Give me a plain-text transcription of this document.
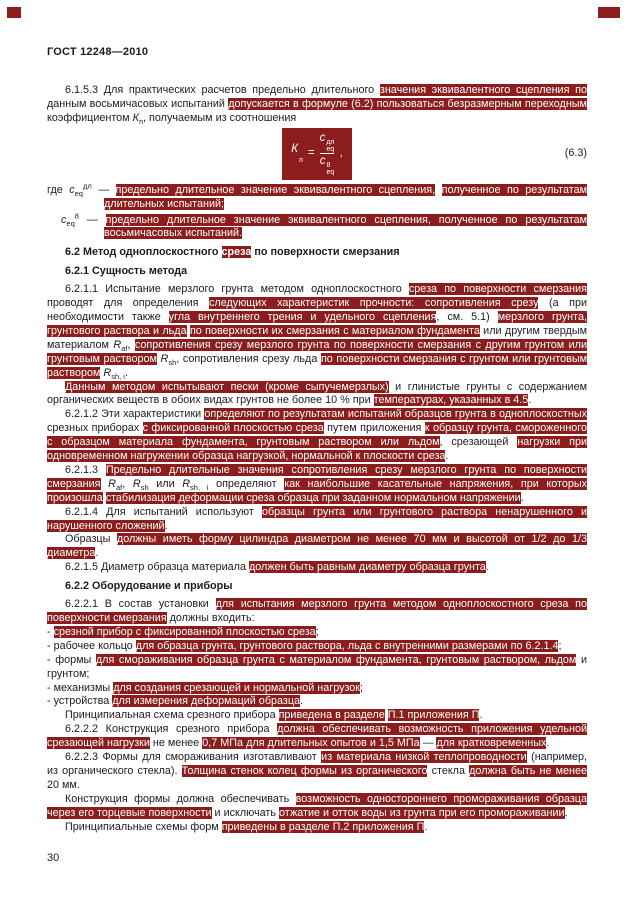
ГОСТ 12248—2010
6.1.5.3 Для практических расчетов предельно длительного значения эквивалентного сцепления по данным восьмичасовых испытаний допускается в формуле (6.2) пользоваться безразмерным переходным коэффициентом $К_п$, получаемым из соотношения
К

п
= с дл
eq
с 8
eq ,	(6.3)
где $с_{eq}^{дл}$ — предельно длительное значение эквивалентного сцепления, полученное по результатам длительных испытаний;
$с_{eq}^8$ — предельно длительное значение эквивалентного сцепления, полученное по результатам восьмичасовых испытаний.
6.2 Метод одноплоскостного среза по поверхности смерзания
6.2.1 Сущность метода
6.2.1.1 Испытание мерзлого грунта методом одноплоскостного среза по поверхности смерзания проводят для определения следующих характеристик прочности: сопротивления срезу (а при необходимости также угла внутреннего трения и удельного сцепления, см. 5.1) мерзлого грунта, грунтового раствора и льда по поверхности их смерзания с материалом фундамента или другим твердым материалом $R_{af}$, сопротивления срезу мерзлого грунта по поверхности смерзания с другим грунтом или грунтовым раствором $R_{sh}$, сопротивления срезу льда по поверхности смерзания с грунтом или грунтовым раствором $R_{sh, i}$.
Данным методом испытывают пески (кроме сыпучемерзлых) и глинистые грунты с содержанием органических веществ в обоих видах грунтов не более 10 % при температурах, указанных в 4.5.
6.2.1.2 Эти характеристики определяют по результатам испытаний образцов грунта в одноплоскостных срезных приборах с фиксированной плоскостью среза путем приложения к образцу грунта, смороженного с образцом материала фундамента, грунтовым раствором или льдом, срезающей нагрузки при одновременном нагружении образца нагрузкой, нормальной к плоскости среза.
6.2.1.3 Предельно длительные значения сопротивления срезу мерзлого грунта по поверхности смерзания $R_{af}$, $R_{sh}$ или $R_{sh, i}$ определяют как наибольшие касательные напряжения, при которых произошла стабилизация деформации среза образца при заданном нормальном напряжении.
6.2.1.4 Для испытаний используют образцы грунта или грунтового раствора ненарушенного и нарушенного сложений.
Образцы должны иметь форму цилиндра диаметром не менее 70 мм и высотой от 1/2 до 1/3 диаметра.
6.2.1.5 Диаметр образца материала должен быть равным диаметру образца грунта.
6.2.2 Оборудование и приборы
6.2.2.1 В состав установки для испытания мерзлого грунта методом одноплоскостного среза по поверхности смерзания должны входить:
- срезной прибор с фиксированной плоскостью среза;
- рабочее кольцо для образца грунта, грунтового раствора, льда с внутренними размерами по 6.2.1.4;
- формы для смораживания образца грунта с материалом фундамента, грунтовым раствором, льдом и грунтом;
- механизмы для создания срезающей и нормальной нагрузок;
- устройства для измерения деформаций образца.
Принципиальная схема срезного прибора приведена в разделе П.1 приложения П.
6.2.2.2 Конструкция срезного прибора должна обеспечивать возможность приложения удельной срезающей нагрузки не менее 0,7 МПа для длительных опытов и 1,5 МПа — для кратковременных.
6.2.2.3 Формы для смораживания изготавливают из материала низкой теплопроводности (например, из органического стекла). Толщина стенок колец формы из органического стекла должна быть не менее 20 мм.
Конструкция формы должна обеспечивать возможность одностороннего промораживания образца через его торцевые поверхности и исключать отжатие и отток воды из грунта при его промораживании.
Принципиальные схемы форм приведены в разделе П.2 приложения П.
30
